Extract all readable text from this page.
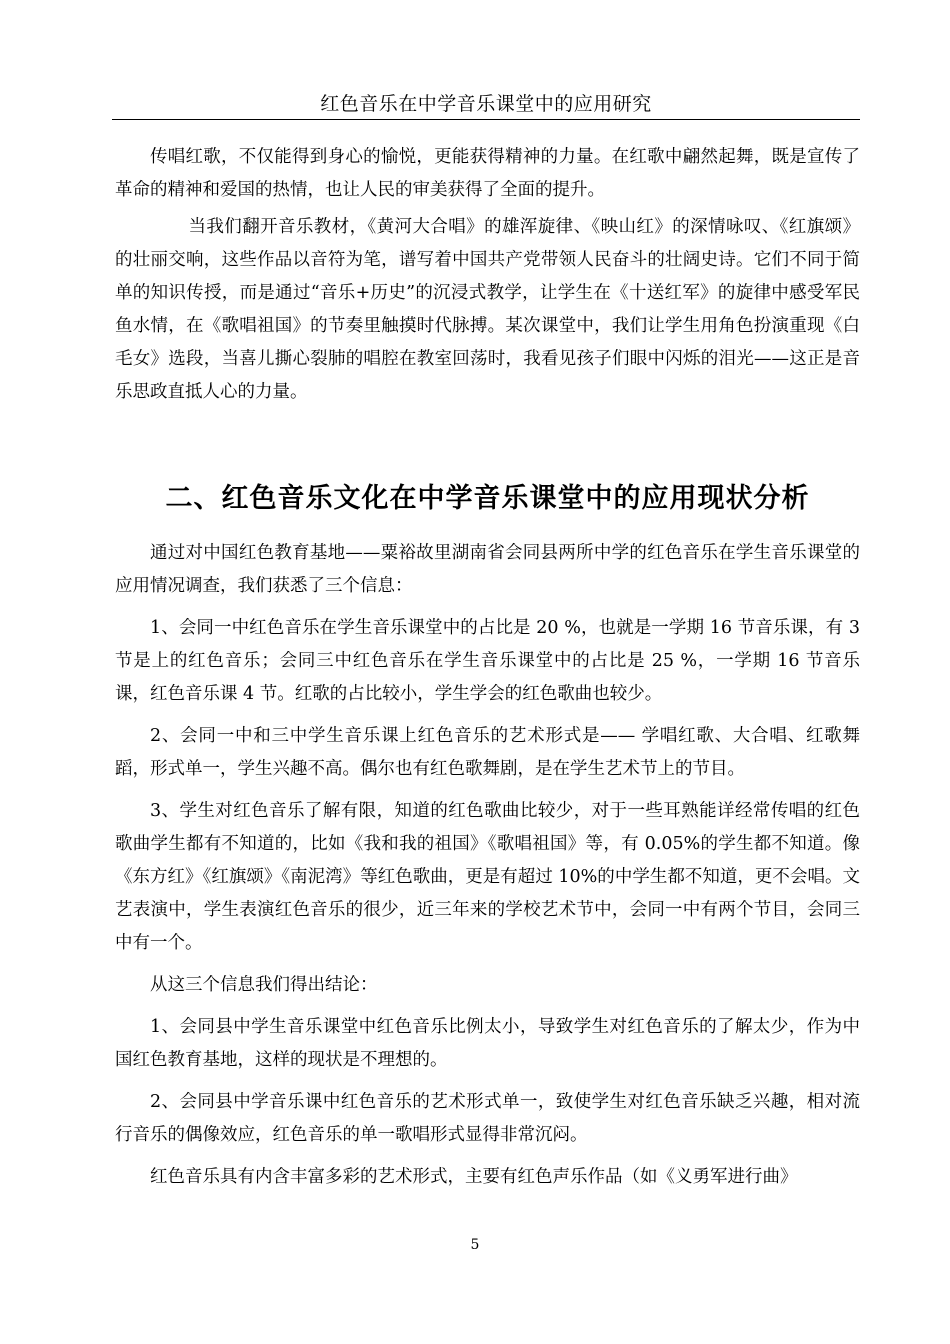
红色音乐在中学音乐课堂中的应用研究

传唱红歌，不仅能得到身心的愉悦，更能获得精神的力量。在红歌中翩然起舞，既是宣传了革命的精神和爱国的热情，也让人民的审美获得了全面的提升。

当我们翻开音乐教材，《黄河大合唱》的雄浑旋律、《映山红》的深情咏叹、《红旗颂》的壮丽交响，这些作品以音符为笔，谱写着中国共产党带领人民奋斗的壮阔史诗。它们不同于简单的知识传授，而是通过“音乐+历史”的沉浸式教学，让学生在《十送红军》的旋律中感受军民鱼水情，在《歌唱祖国》的节奏里触摸时代脉搏。某次课堂中，我们让学生用角色扮演重现《白毛女》选段，当喜儿撕心裂肺的唱腔在教室回荡时，我看见孩子们眼中闪烁的泪光——这正是音乐思政直抵人心的力量。

二、红色音乐文化在中学音乐课堂中的应用现状分析

通过对中国红色教育基地——粟裕故里湖南省会同县两所中学的红色音乐在学生音乐课堂的应用情况调查，我们获悉了三个信息：

1、会同一中红色音乐在学生音乐课堂中的占比是 20 %，也就是一学期 16 节音乐课，有 3 节是上的红色音乐；会同三中红色音乐在学生音乐课堂中的占比是 25 %，一学期 16 节音乐课，红色音乐课 4 节。红歌的占比较小，学生学会的红色歌曲也较少。

2、会同一中和三中学生音乐课上红色音乐的艺术形式是—— 学唱红歌、大合唱、红歌舞蹈，形式单一，学生兴趣不高。偶尔也有红色歌舞剧，是在学生艺术节上的节目。

3、学生对红色音乐了解有限，知道的红色歌曲比较少，对于一些耳熟能详经常传唱的红色歌曲学生都有不知道的，比如《我和我的祖国》《歌唱祖国》等，有 0.05%的学生都不知道。像《东方红》《红旗颂》《南泥湾》等红色歌曲，更是有超过 10%的中学生都不知道，更不会唱。文艺表演中，学生表演红色音乐的很少，近三年来的学校艺术节中，会同一中有两个节目，会同三中有一个。

从这三个信息我们得出结论：

1、会同县中学生音乐课堂中红色音乐比例太小，导致学生对红色音乐的了解太少，作为中国红色教育基地，这样的现状是不理想的。

2、会同县中学音乐课中红色音乐的艺术形式单一，致使学生对红色音乐缺乏兴趣，相对流行音乐的偶像效应，红色音乐的单一歌唱形式显得非常沉闷。

红色音乐具有内含丰富多彩的艺术形式，主要有红色声乐作品（如《义勇军进行曲》

5
